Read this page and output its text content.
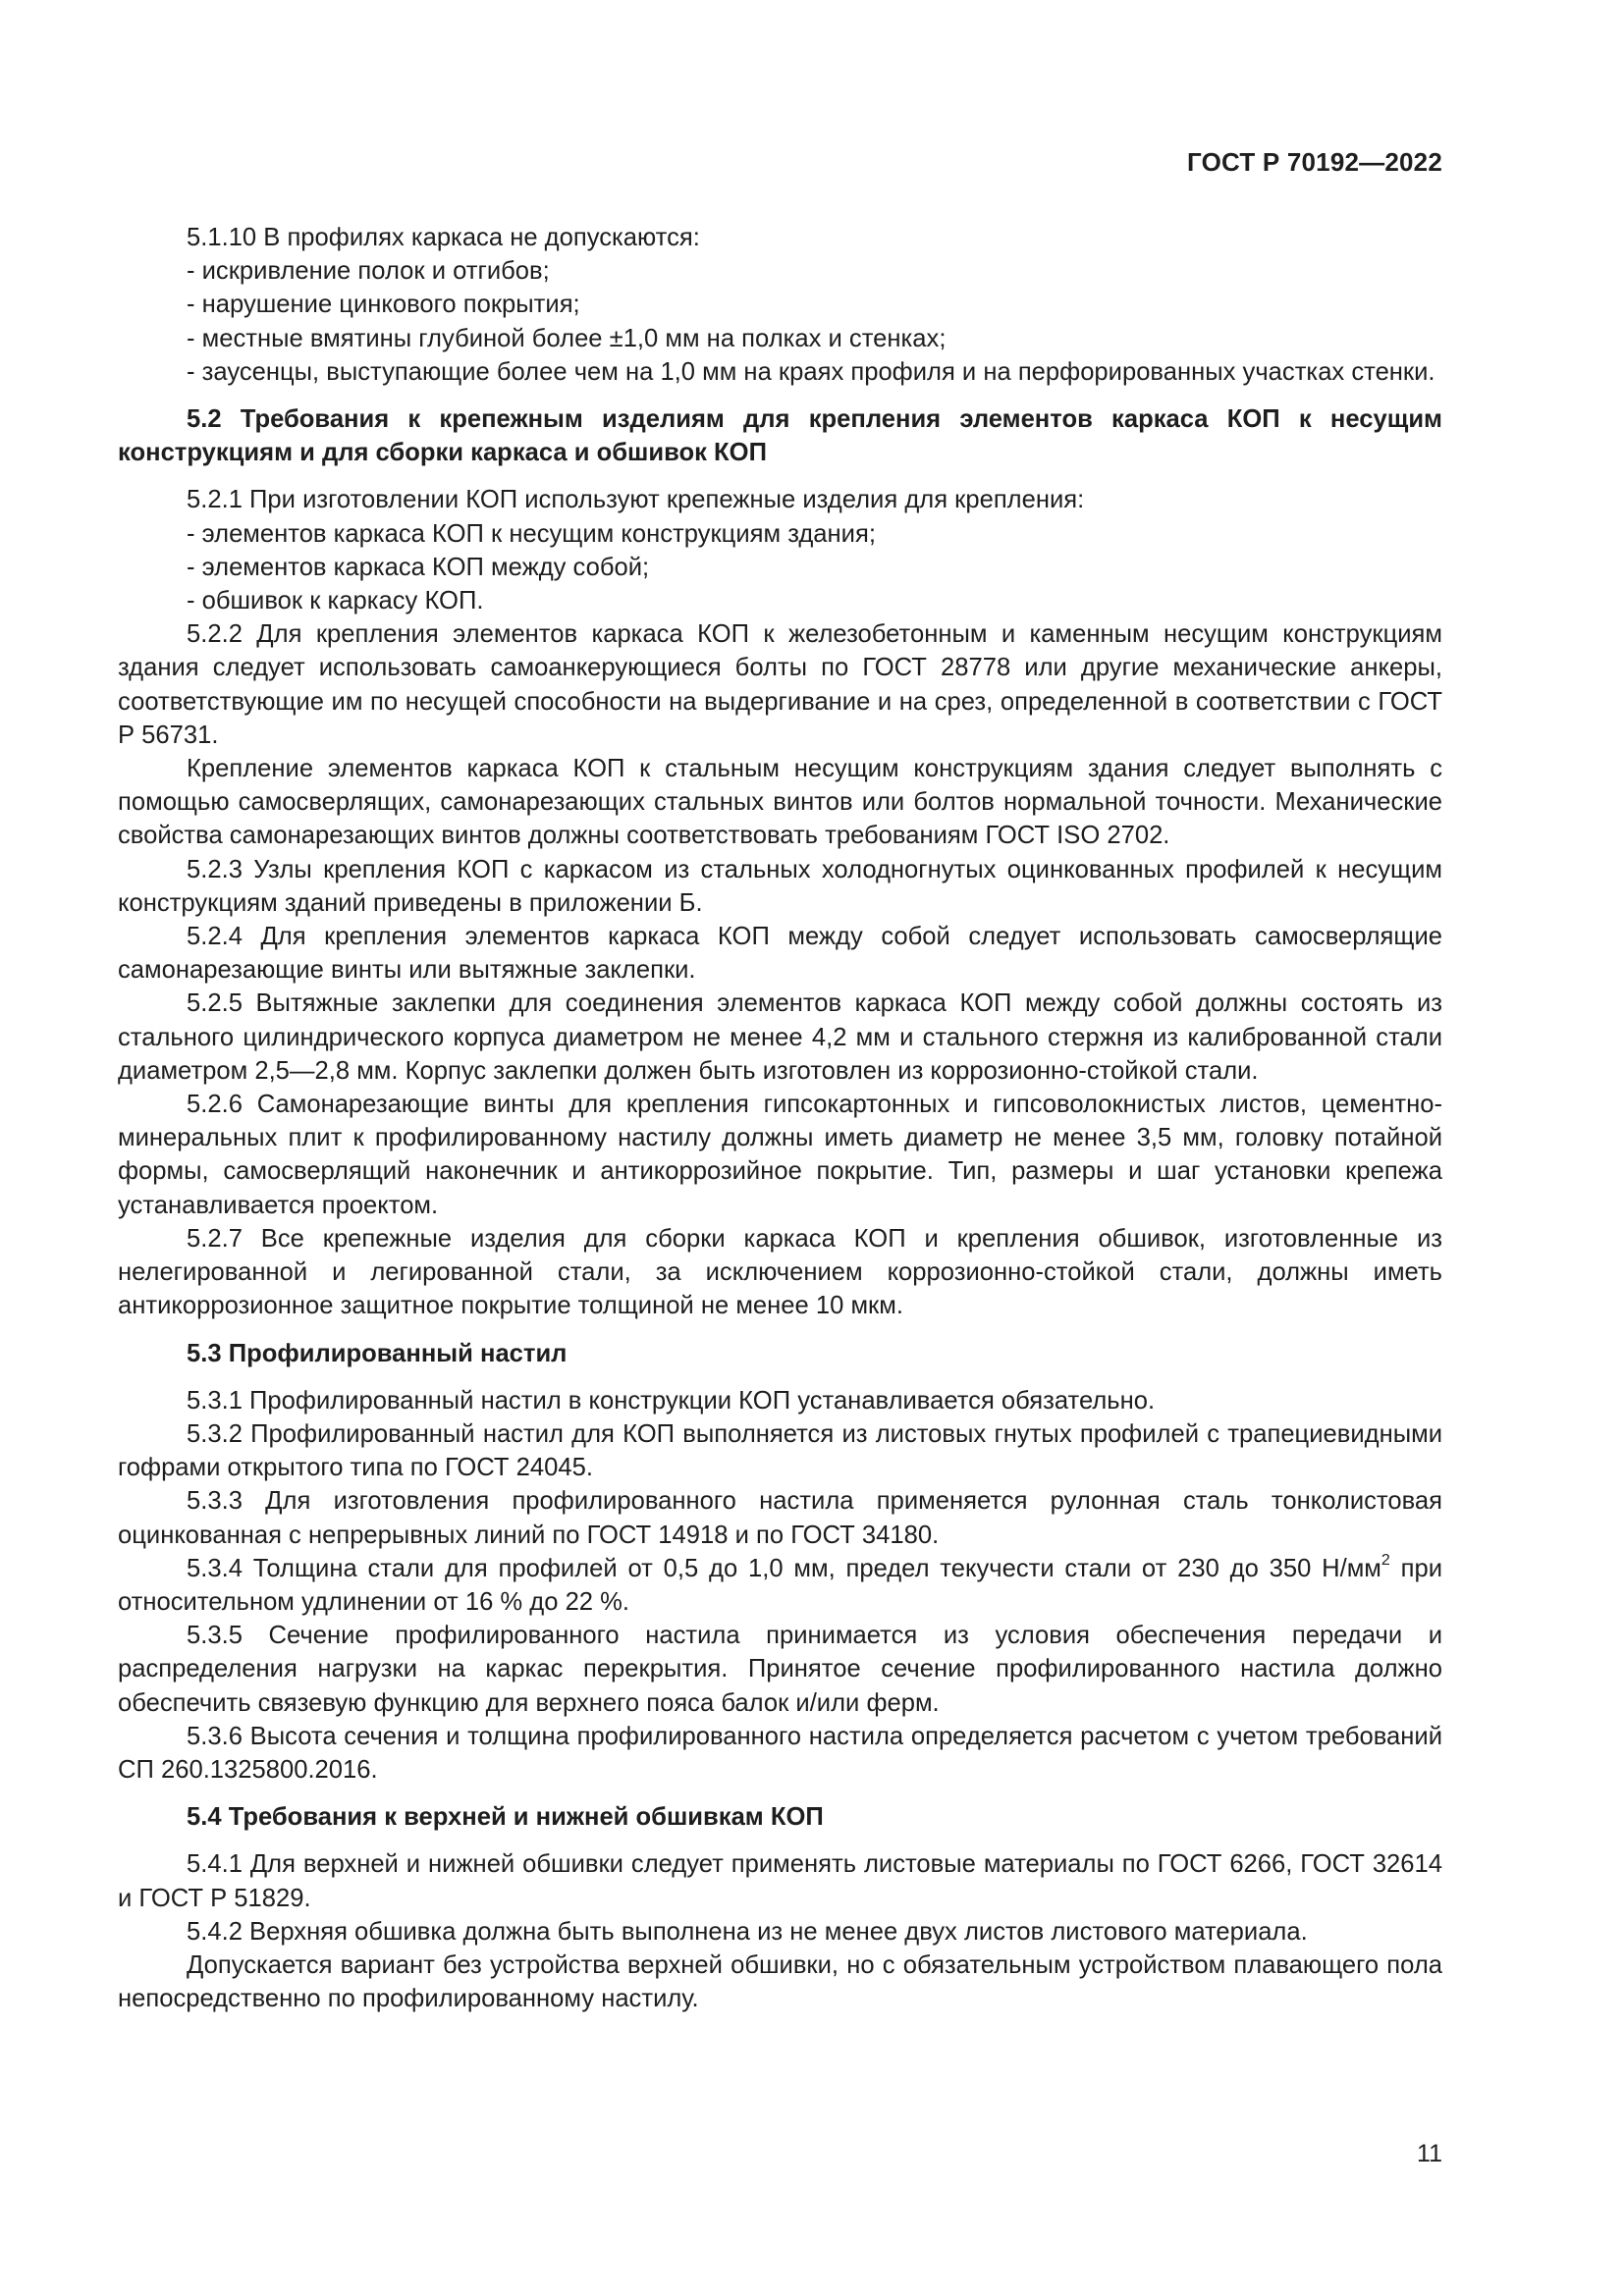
ГОСТ Р 70192—2022

5.1.10 В профилях каркаса не допускаются:

- искривление полок и отгибов;

- нарушение цинкового покрытия;

- местные вмятины глубиной более ±1,0 мм на полках и стенках;

- заусенцы, выступающие более чем на 1,0 мм на краях профиля и на перфорированных участках стенки.

5.2 Требования к крепежным изделиям для крепления элементов каркаса КОП к несущим конструкциям и для сборки каркаса и обшивок КОП

5.2.1 При изготовлении КОП используют крепежные изделия для крепления:

- элементов каркаса КОП к несущим конструкциям здания;

- элементов каркаса КОП между собой;

- обшивок к каркасу КОП.

5.2.2 Для крепления элементов каркаса КОП к железобетонным и каменным несущим конструкциям здания следует использовать самоанкерующиеся болты по ГОСТ 28778 или другие механические анкеры, соответствующие им по несущей способности на выдергивание и на срез, определенной в соответствии с ГОСТ Р 56731.

Крепление элементов каркаса КОП к стальным несущим конструкциям здания следует выполнять с помощью самосверлящих, самонарезающих стальных винтов или болтов нормальной точности. Механические свойства самонарезающих винтов должны соответствовать требованиям ГОСТ ISO 2702.

5.2.3 Узлы крепления КОП с каркасом из стальных холодногнутых оцинкованных профилей к несущим конструкциям зданий приведены в приложении Б.

5.2.4 Для крепления элементов каркаса КОП между собой следует использовать самосверлящие самонарезающие винты или вытяжные заклепки.

5.2.5 Вытяжные заклепки для соединения элементов каркаса КОП между собой должны состоять из стального цилиндрического корпуса диаметром не менее 4,2 мм и стального стержня из калиброванной стали диаметром 2,5—2,8 мм. Корпус заклепки должен быть изготовлен из коррозионно-стойкой стали.

5.2.6 Самонарезающие винты для крепления гипсокартонных и гипсоволокнистых листов, цементно-минеральных плит к профилированному настилу должны иметь диаметр не менее 3,5 мм, головку потайной формы, самосверлящий наконечник и антикоррозийное покрытие. Тип, размеры и шаг установки крепежа устанавливается проектом.

5.2.7 Все крепежные изделия для сборки каркаса КОП и крепления обшивок, изготовленные из нелегированной и легированной стали, за исключением коррозионно-стойкой стали, должны иметь антикоррозионное защитное покрытие толщиной не менее 10 мкм.

5.3 Профилированный настил

5.3.1 Профилированный настил в конструкции КОП устанавливается обязательно.

5.3.2 Профилированный настил для КОП выполняется из листовых гнутых профилей с трапециевидными гофрами открытого типа по ГОСТ 24045.

5.3.3 Для изготовления профилированного настила применяется рулонная сталь тонколистовая оцинкованная с непрерывных линий по ГОСТ 14918 и по ГОСТ 34180.

5.3.4 Толщина стали для профилей от 0,5 до 1,0 мм, предел текучести стали от 230 до 350 $Н/мм^2$ при относительном удлинении от 16 % до 22 %.

5.3.5 Сечение профилированного настила принимается из условия обеспечения передачи и распределения нагрузки на каркас перекрытия. Принятое сечение профилированного настила должно обеспечить связевую функцию для верхнего пояса балок и/или ферм.

5.3.6 Высота сечения и толщина профилированного настила определяется расчетом с учетом требований СП 260.1325800.2016.

5.4 Требования к верхней и нижней обшивкам КОП

5.4.1 Для верхней и нижней обшивки следует применять листовые материалы по ГОСТ 6266, ГОСТ 32614 и ГОСТ Р 51829.

5.4.2 Верхняя обшивка должна быть выполнена из не менее двух листов листового материала.

Допускается вариант без устройства верхней обшивки, но с обязательным устройством плавающего пола непосредственно по профилированному настилу.

11
